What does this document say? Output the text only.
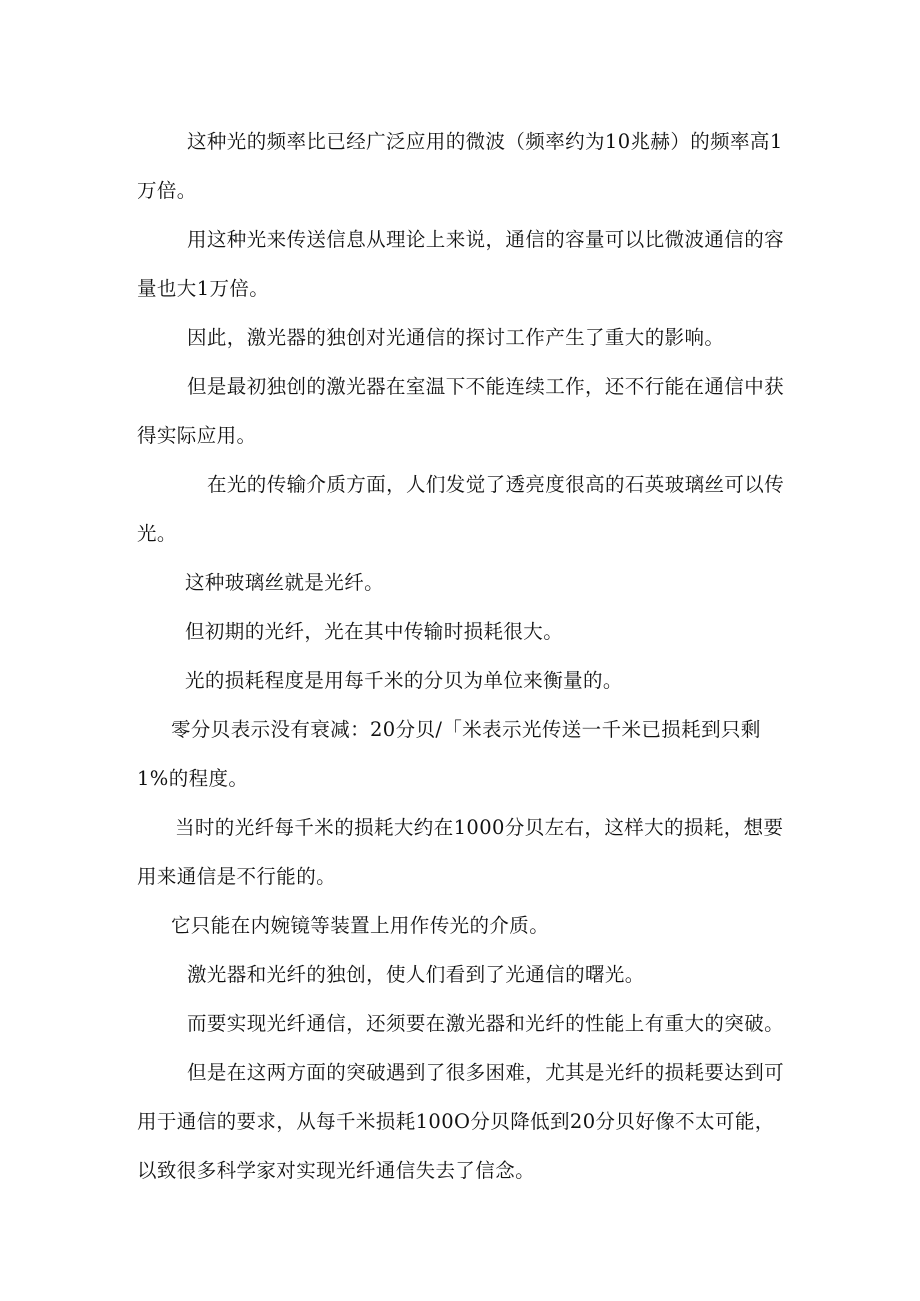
这种光的频率比已经广泛应用的微波（频率约为10兆赫）的频率高1万倍。

用这种光来传送信息从理论上来说，通信的容量可以比微波通信的容量也大1万倍。

因此，激光器的独创对光通信的探讨工作产生了重大的影响。

但是最初独创的激光器在室温下不能连续工作，还不行能在通信中获得实际应用。

在光的传输介质方面，人们发觉了透亮度很高的石英玻璃丝可以传光。

这种玻璃丝就是光纤。

但初期的光纤，光在其中传输时损耗很大。

光的损耗程度是用每千米的分贝为单位来衡量的。

零分贝表示没有衰减：20分贝/「米表示光传送一千米已损耗到只剩1%的程度。

当时的光纤每千米的损耗大约在1000分贝左右，这样大的损耗，想要用来通信是不行能的。

它只能在内婉镜等装置上用作传光的介质。

激光器和光纤的独创，使人们看到了光通信的曙光。

而要实现光纤通信，还须要在激光器和光纤的性能上有重大的突破。

但是在这两方面的突破遇到了很多困难，尤其是光纤的损耗要达到可用于通信的要求，从每千米损耗100O分贝降低到20分贝好像不太可能，以致很多科学家对实现光纤通信失去了信念。
